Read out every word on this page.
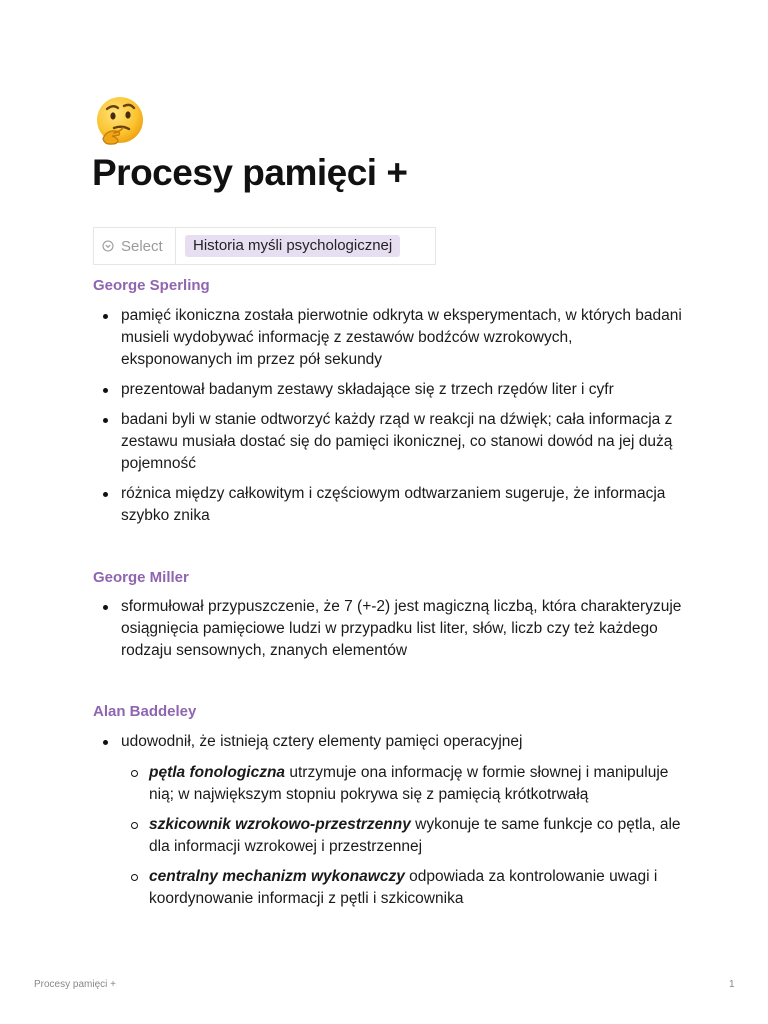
Procesy pamięci +
Select	Historia myśli psychologicznej
George Sperling
pamięć ikoniczna została pierwotnie odkryta w eksperymentach, w których badani musieli wydobywać informację z zestawów bodźców wzrokowych, eksponowanych im przez pół sekundy
prezentował badanym zestawy składające się z trzech rzędów liter i cyfr
badani byli w stanie odtworzyć każdy rząd w reakcji na dźwięk; cała informacja z zestawu musiała dostać się do pamięci ikonicznej, co stanowi dowód na jej dużą pojemność
różnica między całkowitym i częściowym odtwarzaniem sugeruje, że informacja szybko znika
George Miller
sformułował przypuszczenie, że 7 (+-2) jest magiczną liczbą, która charakteryzuje osiągnięcia pamięciowe ludzi w przypadku list liter, słów, liczb czy też każdego rodzaju sensownych, znanych elementów
Alan Baddeley
udowodnił, że istnieją cztery elementy pamięci operacyjnej
pętla fonologiczna utrzymuje ona informację w formie słownej i manipuluje nią; w największym stopniu pokrywa się z pamięcią krótkotrwałą
szkicownik wzrokowo-przestrzenny wykonuje te same funkcje co pętla, ale dla informacji wzrokowej i przestrzennej
centralny mechanizm wykonawczy odpowiada za kontrolowanie uwagi i koordynowanie informacji z pętli i szkicownika
Procesy pamięci +	1
